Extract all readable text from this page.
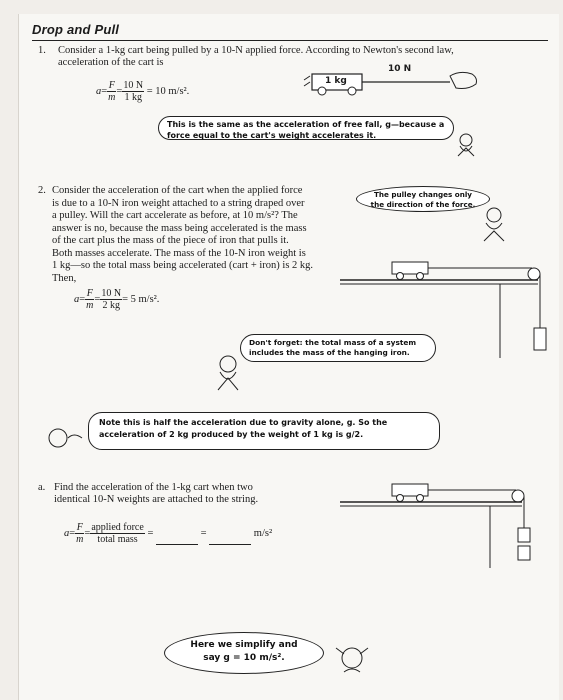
Drop and Pull
1.	Consider a 1-kg cart being pulled by a 10-N applied force. According to Newton's second law,
acceleration of the cart is
$a= \frac{F}{m} = \frac{10 N}{1 kg} = 10$ m/s².
1 kg
10 N
This is the same as the acceleration of free fall, g—because a force equal to the cart's weight accelerates it.
2. Consider the acceleration of the cart when the applied force
is due to a 10-N iron weight attached to a string draped over
a pulley. Will the cart accelerate as before, at 10 m/s²? The
answer is no, because the mass being accelerated is the mass
of the cart plus the mass of the piece of iron that pulls it.
Both masses accelerate. The mass of the 10-N iron weight is
1 kg—so the total mass being accelerated (cart + iron) is 2 kg.
Then,
The pulley changes only the direction of the force.
$a= \frac{F}{m} = \frac{10 N}{2 kg} = 5$ m/s².
Don't forget: the total mass of a system includes the mass of the hanging iron.
Note this is half the acceleration due to gravity alone, g. So the acceleration of 2 kg produced by the weight of 1 kg is g/2.
a. Find the acceleration of the 1-kg cart when two
identical 10-N weights are attached to the string.
$a= \frac{F}{m} = \frac{\text{applied force}}{\text{total mass}}$ =	=	m/s²
Here we simplify and say g = 10 m/s².
